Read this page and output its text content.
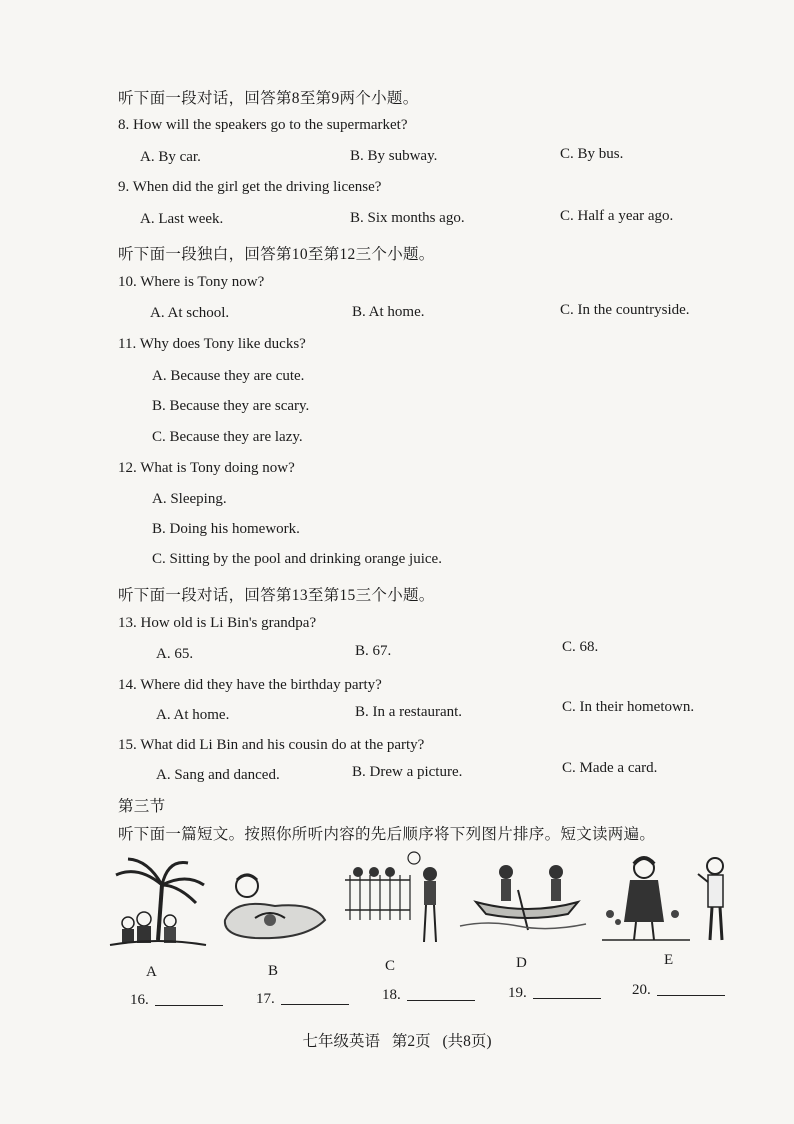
听下面一段对话，回答第8至第9两个小题。
8. How will the speakers go to the supermarket?
A. By car.	B. By subway.	C. By bus.
9. When did the girl get the driving license?
A. Last week.	B. Six months ago.	C. Half a year ago.
听下面一段独白，回答第10至第12三个小题。
10. Where is Tony now?
A. At school.	B. At home.	C. In the countryside.
11. Why does Tony like ducks?
A. Because they are cute.
B. Because they are scary.
C. Because they are lazy.
12. What is Tony doing now?
A. Sleeping.
B. Doing his homework.
C. Sitting by the pool and drinking orange juice.
听下面一段对话，回答第13至第15三个小题。
13. How old is Li Bin's grandpa?
A. 65.	B. 67.	C. 68.
14. Where did they have the birthday party?
A. At home.	B. In a restaurant.	C. In their hometown.
15. What did Li Bin and his cousin do at the party?
A. Sang and danced.	B. Drew a picture.	C. Made a card.
第三节
听下面一篇短文。按照你所听内容的先后顺序将下列图片排序。短文读两遍。
A	B	C	D	E
16.	17.	18.	19.	20.
七年级英语 第2页 (共8页)
